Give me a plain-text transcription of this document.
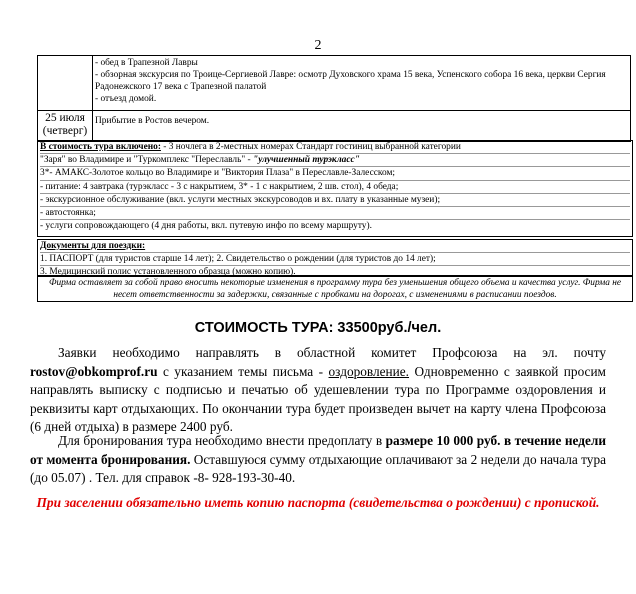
2

	- обед в Трапезной Лавры
- обзорная экскурсия по Троице-Сергиевой Лавре: осмотр Духовского храма 15 века, Успенского собора 16 века, церкви Сергия Радонежского 17 века с Трапезной палатой
- отъезд домой.

25 июля
(четверг)	Прибытие в Ростов вечером.
В стоимость тура включено: - 3 ночлега в 2-местных номерах Стандарт гостиниц выбранной категории
"Заря" во Владимире и "Туркомплекс "Переславль" - "улучшенный турэкласс"
3*- АМАКС-Золотое кольцо во Владимире и "Виктория Плаза" в Переславле-Залесском;
- питание: 4 завтрака (турэкласс - 3 с накрытием, 3* - 1 с накрытием, 2 шв. стол), 4 обеда;
- экскурсионное обслуживание (вкл. услуги местных экскурсоводов и вх. плату в указанные музеи);
- автостоянка;
- услуги сопровождающего (4 дня работы, вкл. путевую инфо по всему маршруту).
Документы для поездки:
1. ПАСПОРТ (для туристов старше 14 лет); 2. Свидетельство о рождении (для туристов до 14 лет);
3. Медицинский полис установленного образца (можно копию).
Фирма оставляет за собой право вносить некоторые изменения в программу тура без уменьшения общего объема и качества услуг. Фирма не несет ответственности за задержки, связанные с пробками на дорогах, с изменениями в расписании поездов.
СТОИМОСТЬ ТУРА: 33500руб./чел.
Заявки необходимо направлять в областной комитет Профсоюза на эл. почту rostov@obkomprof.ru с указанием темы письма - оздоровление. Одновременно с заявкой просим направлять выписку с подписью и печатью об удешевлении тура по Программе оздоровления и реквизиты карт отдыхающих. По окончании тура будет произведен вычет на карту члена Профсоюза (6 дней отдыха) в размере 2400 руб.
Для бронирования тура необходимо внести предоплату в размере 10 000 руб. в течение недели от момента бронирования. Оставшуюся сумму отдыхающие оплачивают за 2 недели до начала тура (до 05.07) . Тел. для справок -8- 928-193-30-40.
При заселении обязательно иметь копию паспорта (свидетельства о рождении) с пропиской.
